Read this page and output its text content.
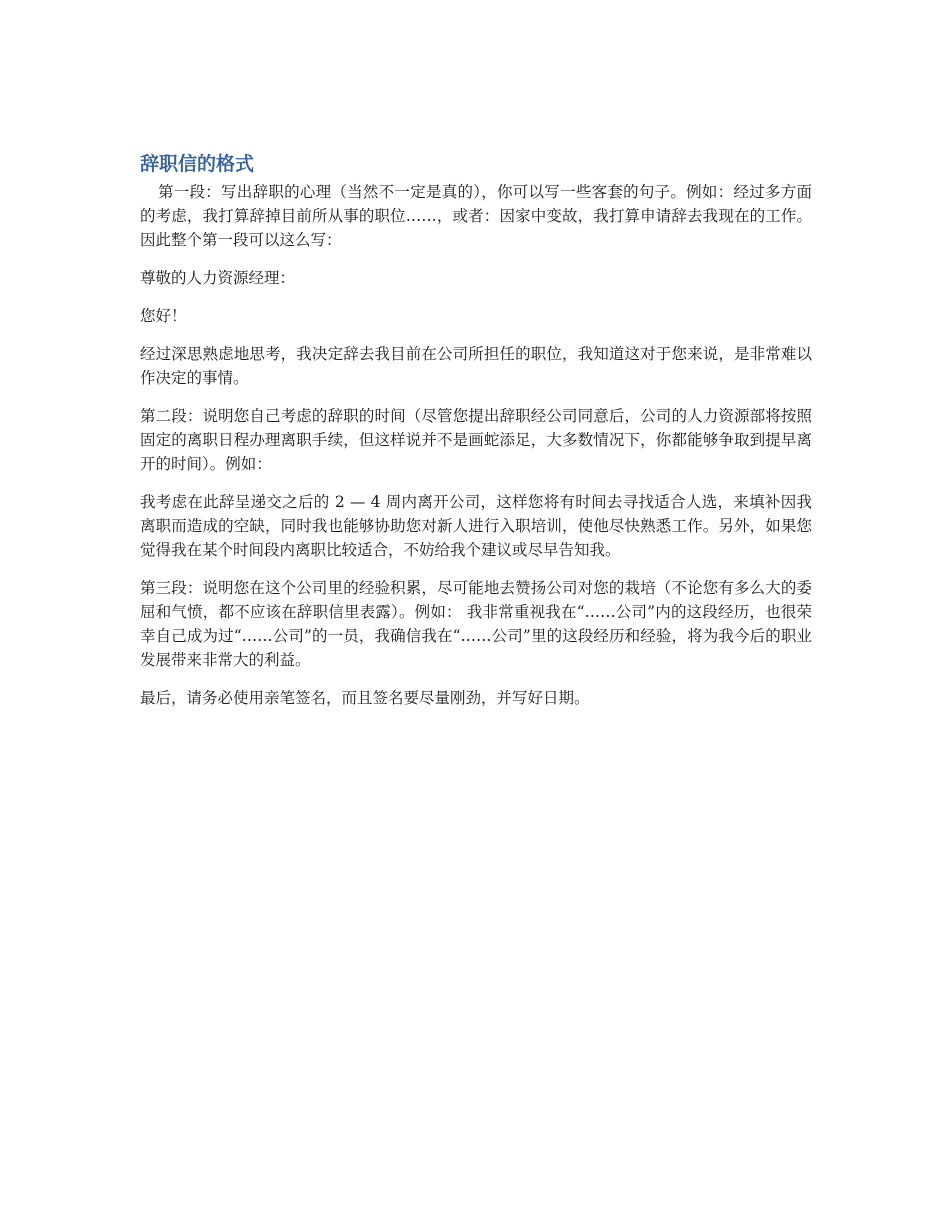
辞职信的格式

第一段：写出辞职的心理（当然不一定是真的），你可以写一些客套的句子。例如：经过多方面的考虑，我打算辞掉目前所从事的职位……，或者：因家中变故，我打算申请辞去我现在的工作。因此整个第一段可以这么写：

尊敬的人力资源经理：

您好！

经过深思熟虑地思考，我决定辞去我目前在公司所担任的职位，我知道这对于您来说，是非常难以作决定的事情。

第二段：说明您自己考虑的辞职的时间（尽管您提出辞职经公司同意后，公司的人力资源部将按照固定的离职日程办理离职手续，但这样说并不是画蛇添足，大多数情况下，你都能够争取到提早离开的时间）。例如：

我考虑在此辞呈递交之后的 2 — 4 周内离开公司，这样您将有时间去寻找适合人选，来填补因我离职而造成的空缺，同时我也能够协助您对新人进行入职培训，使他尽快熟悉工作。另外，如果您觉得我在某个时间段内离职比较适合，不妨给我个建议或尽早告知我。

第三段：说明您在这个公司里的经验积累，尽可能地去赞扬公司对您的栽培（不论您有多么大的委屈和气愤，都不应该在辞职信里表露）。例如： 我非常重视我在“……公司”内的这段经历，也很荣幸自己成为过“……公司”的一员，我确信我在“……公司”里的这段经历和经验，将为我今后的职业发展带来非常大的利益。

最后，请务必使用亲笔签名，而且签名要尽量刚劲，并写好日期。
